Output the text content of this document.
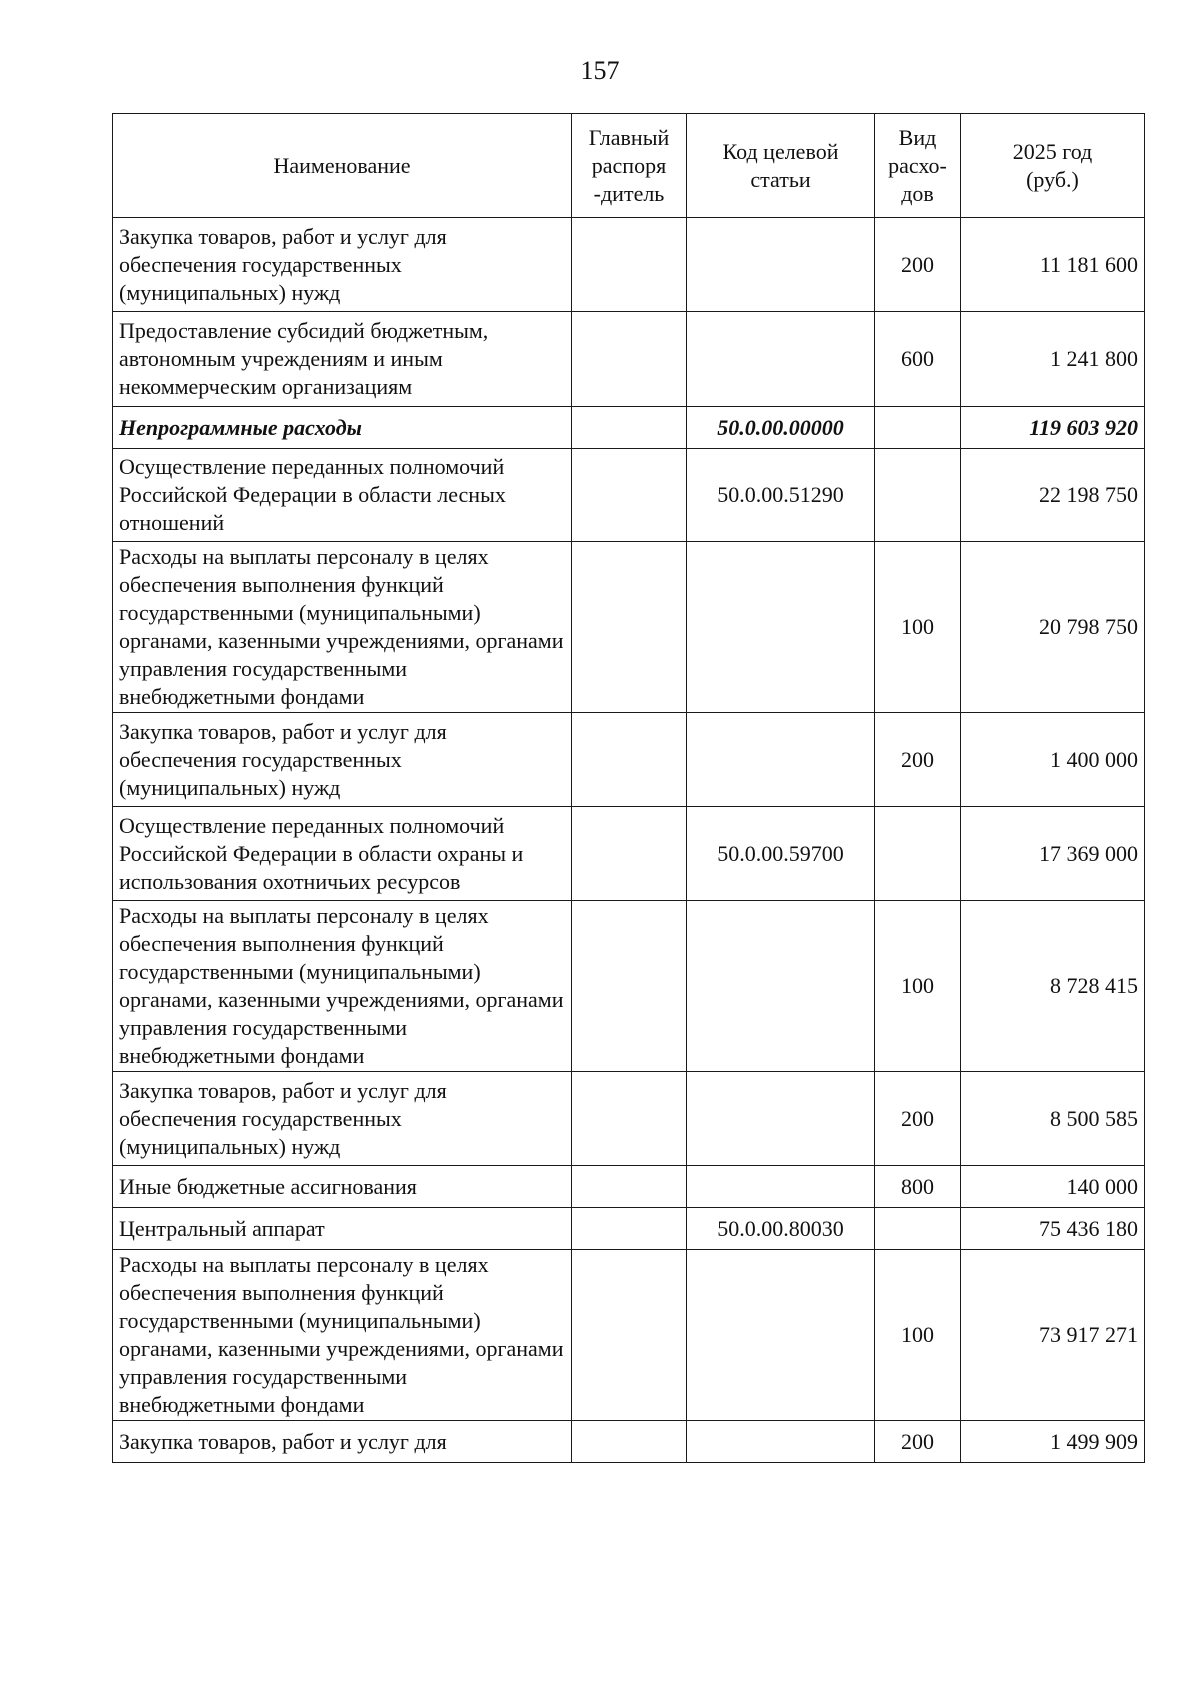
157
Наименование	Главный
распоря
-дитель	Код целевой
статьи	Вид
расхо-
дов	2025 год
(руб.)
Закупка товаров, работ и услуг для обеспечения государственных (муниципальных) нужд			200	11 181 600
Предоставление субсидий бюджетным, автономным учреждениям и иным некоммерческим организациям			600	1 241 800
Непрограммные расходы		50.0.00.00000		119 603 920
Осуществление переданных полномочий Российской Федерации в области лесных отношений		50.0.00.51290		22 198 750
Расходы на выплаты персоналу в целях обеспечения выполнения функций государственными (муниципальными) органами, казенными учреждениями, органами управления государственными внебюджетными фондами			100	20 798 750
Закупка товаров, работ и услуг для обеспечения государственных (муниципальных) нужд			200	1 400 000
Осуществление переданных полномочий Российской Федерации в области охраны и использования охотничьих ресурсов		50.0.00.59700		17 369 000
Расходы на выплаты персоналу в целях обеспечения выполнения функций государственными (муниципальными) органами, казенными учреждениями, органами управления государственными внебюджетными фондами			100	8 728 415
Закупка товаров, работ и услуг для обеспечения государственных (муниципальных) нужд			200	8 500 585
Иные бюджетные ассигнования			800	140 000
Центральный аппарат		50.0.00.80030		75 436 180
Расходы на выплаты персоналу в целях обеспечения выполнения функций государственными (муниципальными) органами, казенными учреждениями, органами управления государственными внебюджетными фондами			100	73 917 271
Закупка товаров, работ и услуг для			200	1 499 909
